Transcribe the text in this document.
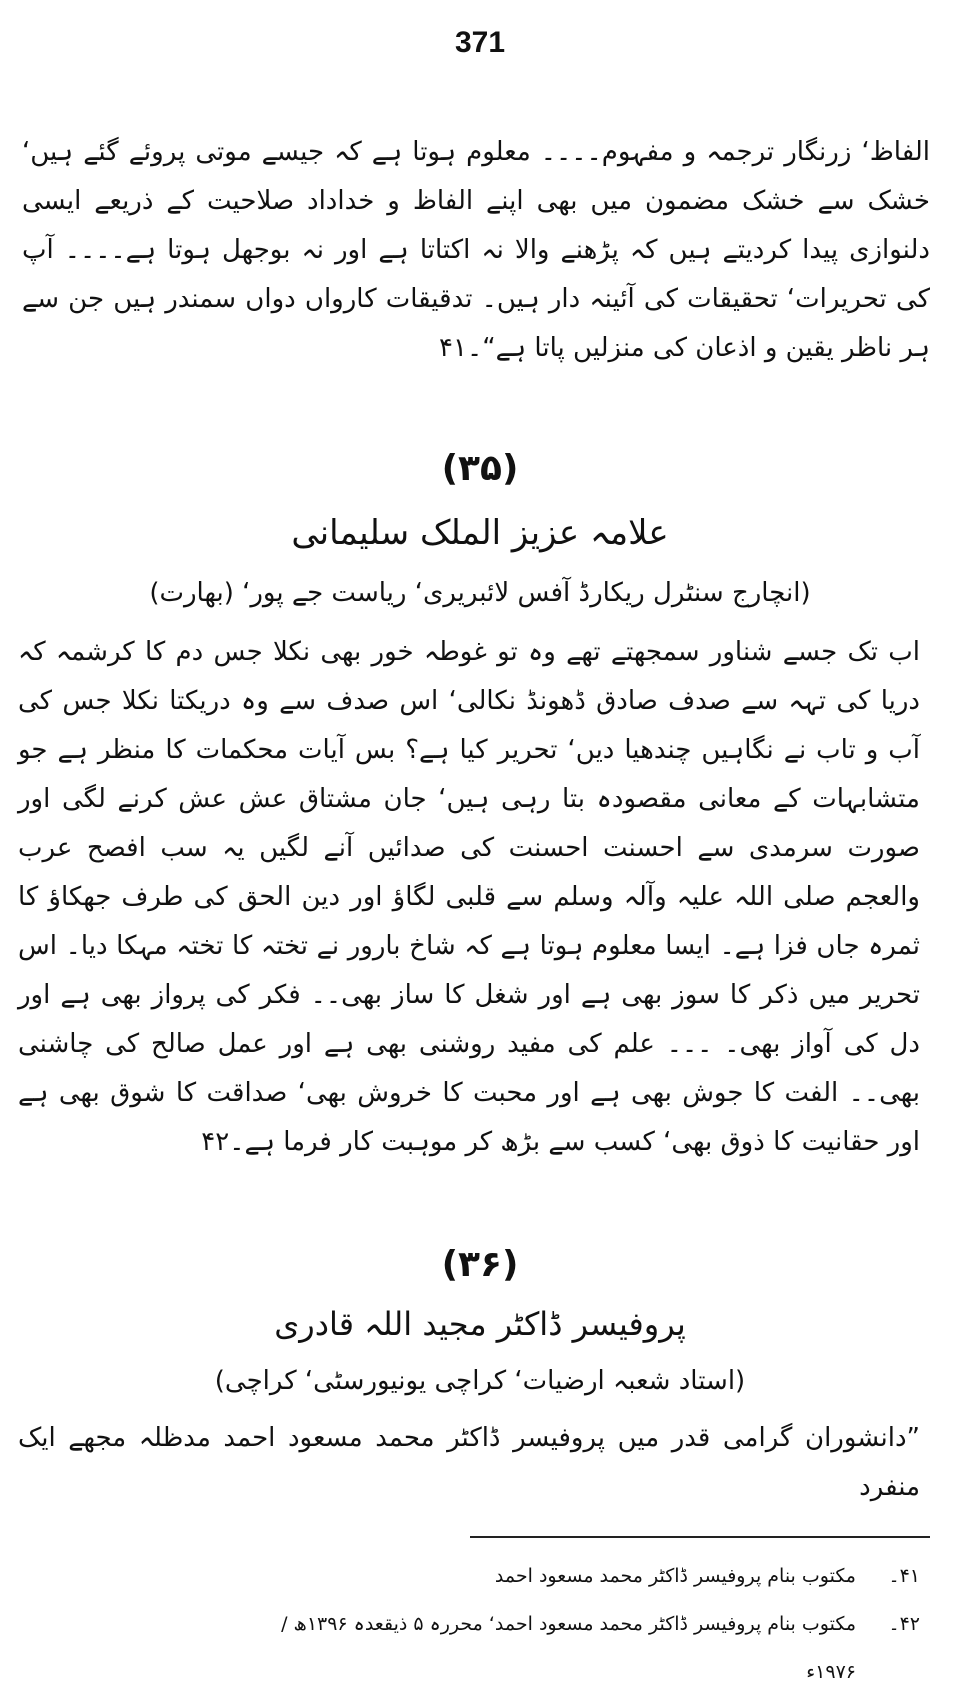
371
الفاظ‘ زرنگار ترجمہ و مفہوم۔۔۔۔ معلوم ہوتا ہے کہ جیسے موتی پروئے گئے ہیں‘ خشک سے خشک مضمون میں بھی اپنے الفاظ و خداداد صلاحیت کے ذریعے ایسی دلنوازی پیدا کردیتے ہیں کہ پڑھنے والا نہ اکتاتا ہے اور نہ بوجھل ہوتا ہے۔۔۔۔ آپ کی تحریرات‘ تحقیقات کی آئینہ دار ہیں۔ تدقیقات کارواں دواں سمندر ہیں جن سے ہر ناظر یقین و اذعان کی منزلیں پاتا ہے“۔۴۱
(۳۵)
علامہ عزیز الملک سلیمانی
(انچارج سنٹرل ریکارڈ آفس لائبریری‘ ریاست جے پور‘ (بھارت)
اب تک جسے شناور سمجھتے تھے وہ تو غوطہ خور بھی نکلا جس دم کا کرشمہ کہ دریا کی تہہ سے صدف صادق ڈھونڈ نکالی‘ اس صدف سے وہ دریکتا نکلا جس کی آب و تاب نے نگاہیں چندھیا دیں‘ تحریر کیا ہے؟ بس آیات محکمات کا منظر ہے جو متشابہات کے معانی مقصودہ بتا رہی ہیں‘ جان مشتاق عش عش کرنے لگی اور صورت سرمدی سے احسنت احسنت کی صدائیں آنے لگیں یہ سب افصح عرب والعجم صلی اللہ علیہ وآلہ وسلم سے قلبی لگاؤ اور دین الحق کی طرف جھکاؤ کا ثمرہ جاں فزا ہے۔ ایسا معلوم ہوتا ہے کہ شاخ بارور نے تختہ کا تختہ مہکا دیا۔ اس تحریر میں ذکر کا سوز بھی ہے اور شغل کا ساز بھی۔۔ فکر کی پرواز بھی ہے اور دل کی آواز بھی۔ ۔۔۔ علم کی مفید روشنی بھی ہے اور عمل صالح کی چاشنی بھی۔۔ الفت کا جوش بھی ہے اور محبت کا خروش بھی‘ صداقت کا شوق بھی ہے اور حقانیت کا ذوق بھی‘ کسب سے بڑھ کر موہبت کار فرما ہے۔۴۲
(۳۶)
پروفیسر ڈاکٹر مجید اللہ قادری
(استاد شعبہ ارضیات‘ کراچی یونیورسٹی‘ کراچی)
”دانشوران گرامی قدر میں پروفیسر ڈاکٹر محمد مسعود احمد مدظلہ مجھے ایک منفرد
۴۱۔
مکتوب بنام پروفیسر ڈاکٹر محمد مسعود احمد
۴۲۔
مکتوب بنام پروفیسر ڈاکٹر محمد مسعود احمد‘ محررہ ۵ ذیقعدہ ۱۳۹۶ھ / ۱۹۷۶ء
